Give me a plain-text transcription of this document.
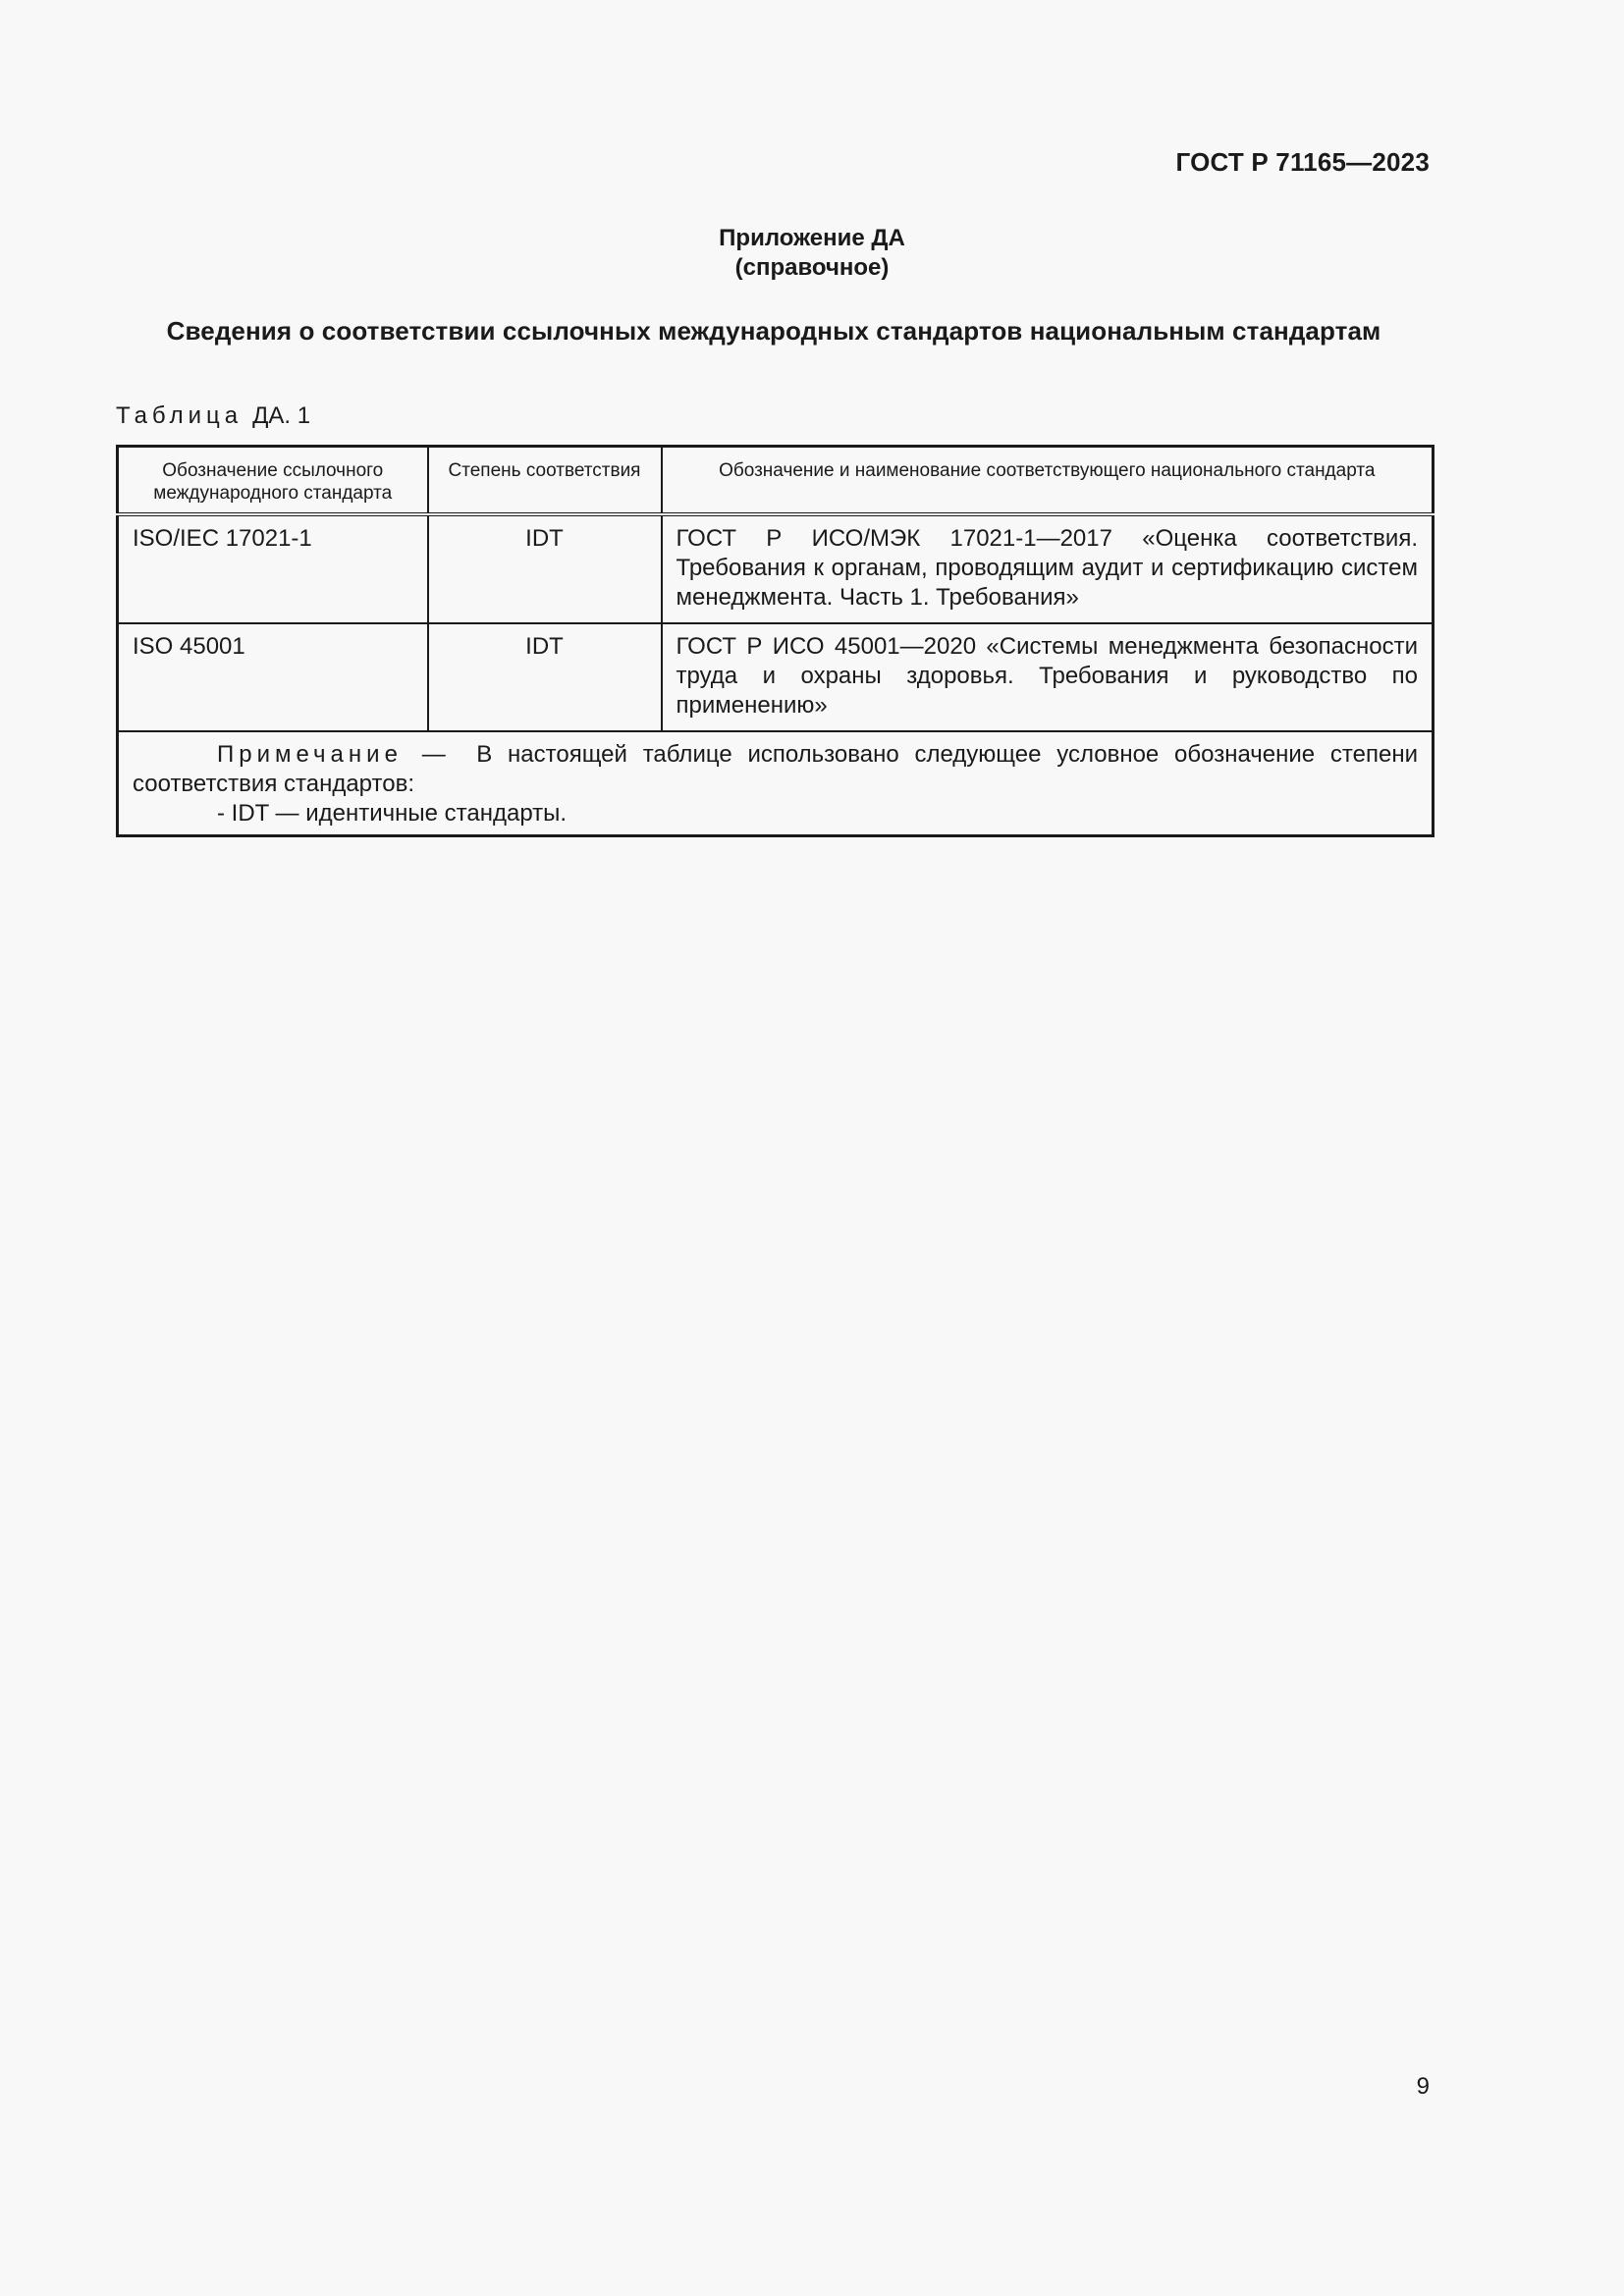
ГОСТ Р 71165—2023
Приложение ДА
(справочное)
Сведения о соответствии ссылочных международных стандартов национальным стандартам
Таблица ДА. 1
Обозначение ссылочного международного стандарта	Степень соответствия	Обозначение и наименование соответствующего национального стандарта
ISO/IEC 17021-1	IDT	ГОСТ Р ИСО/МЭК 17021-1—2017 «Оценка соответствия. Требования к органам, проводящим аудит и сертификацию систем менеджмента. Часть 1. Требования»
ISO 45001	IDT	ГОСТ Р ИСО 45001—2020 «Системы менеджмента безопасности труда и охраны здоровья. Требования и руководство по применению»

Примечание — В настоящей таблице использовано следующее условное обозначение степени соответствия стандартов:

- IDT — идентичные стандарты.		

9
